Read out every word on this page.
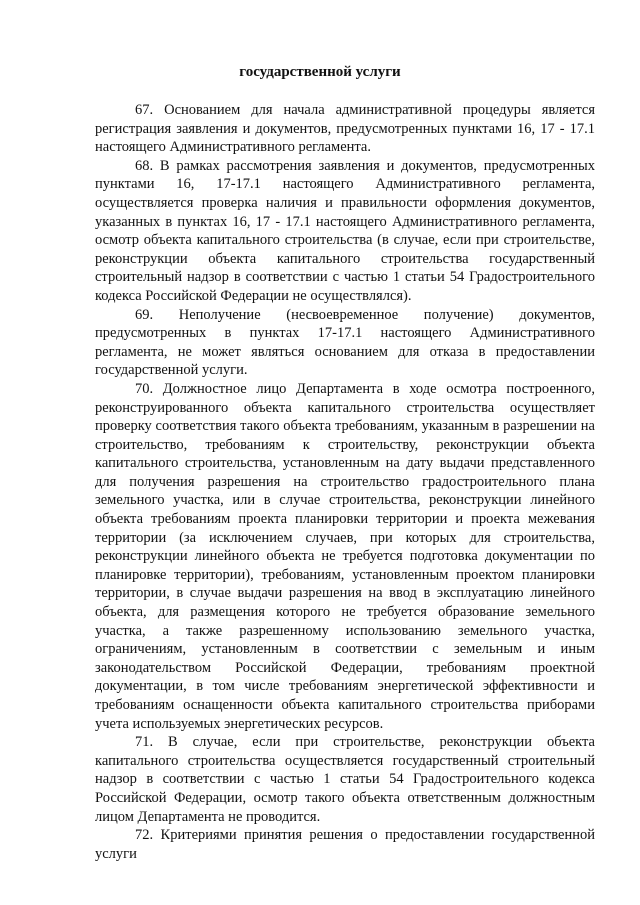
государственной услуги

67. Основанием для начала административной процедуры является регистрация заявления и документов, предусмотренных пунктами 16, 17 - 17.1 настоящего Административного регламента.

68. В рамках рассмотрения заявления и документов, предусмотренных пунктами 16, 17-17.1 настоящего Административного регламента, осуществляется проверка наличия и правильности оформления документов, указанных в пунктах 16, 17 - 17.1 настоящего Административного регламента, осмотр объекта капитального строительства (в случае, если при строительстве, реконструкции объекта капитального строительства государственный строительный надзор в соответствии с частью 1 статьи 54 Градостроительного кодекса Российской Федерации не осуществлялся).

69. Неполучение (несвоевременное получение) документов, предусмотренных в пунктах 17-17.1 настоящего Административного регламента, не может являться основанием для отказа в предоставлении государственной услуги.

70. Должностное лицо Департамента в ходе осмотра построенного, реконструированного объекта капитального строительства осуществляет проверку соответствия такого объекта требованиям, указанным в разрешении на строительство, требованиям к строительству, реконструкции объекта капитального строительства, установленным на дату выдачи представленного для получения разрешения на строительство градостроительного плана земельного участка, или в случае строительства, реконструкции линейного объекта требованиям проекта планировки территории и проекта межевания территории (за исключением случаев, при которых для строительства, реконструкции линейного объекта не требуется подготовка документации по планировке территории), требованиям, установленным проектом планировки территории, в случае выдачи разрешения на ввод в эксплуатацию линейного объекта, для размещения которого не требуется образование земельного участка, а также разрешенному использованию земельного участка, ограничениям, установленным в соответствии с земельным и иным законодательством Российской Федерации, требованиям проектной документации, в том числе требованиям энергетической эффективности и требованиям оснащенности объекта капитального строительства приборами учета используемых энергетических ресурсов.

71. В случае, если при строительстве, реконструкции объекта капитального строительства осуществляется государственный строительный надзор в соответствии с частью 1 статьи 54 Градостроительного кодекса Российской Федерации, осмотр такого объекта ответственным должностным лицом Департамента не проводится.

72. Критериями принятия решения о предоставлении государственной услуги
